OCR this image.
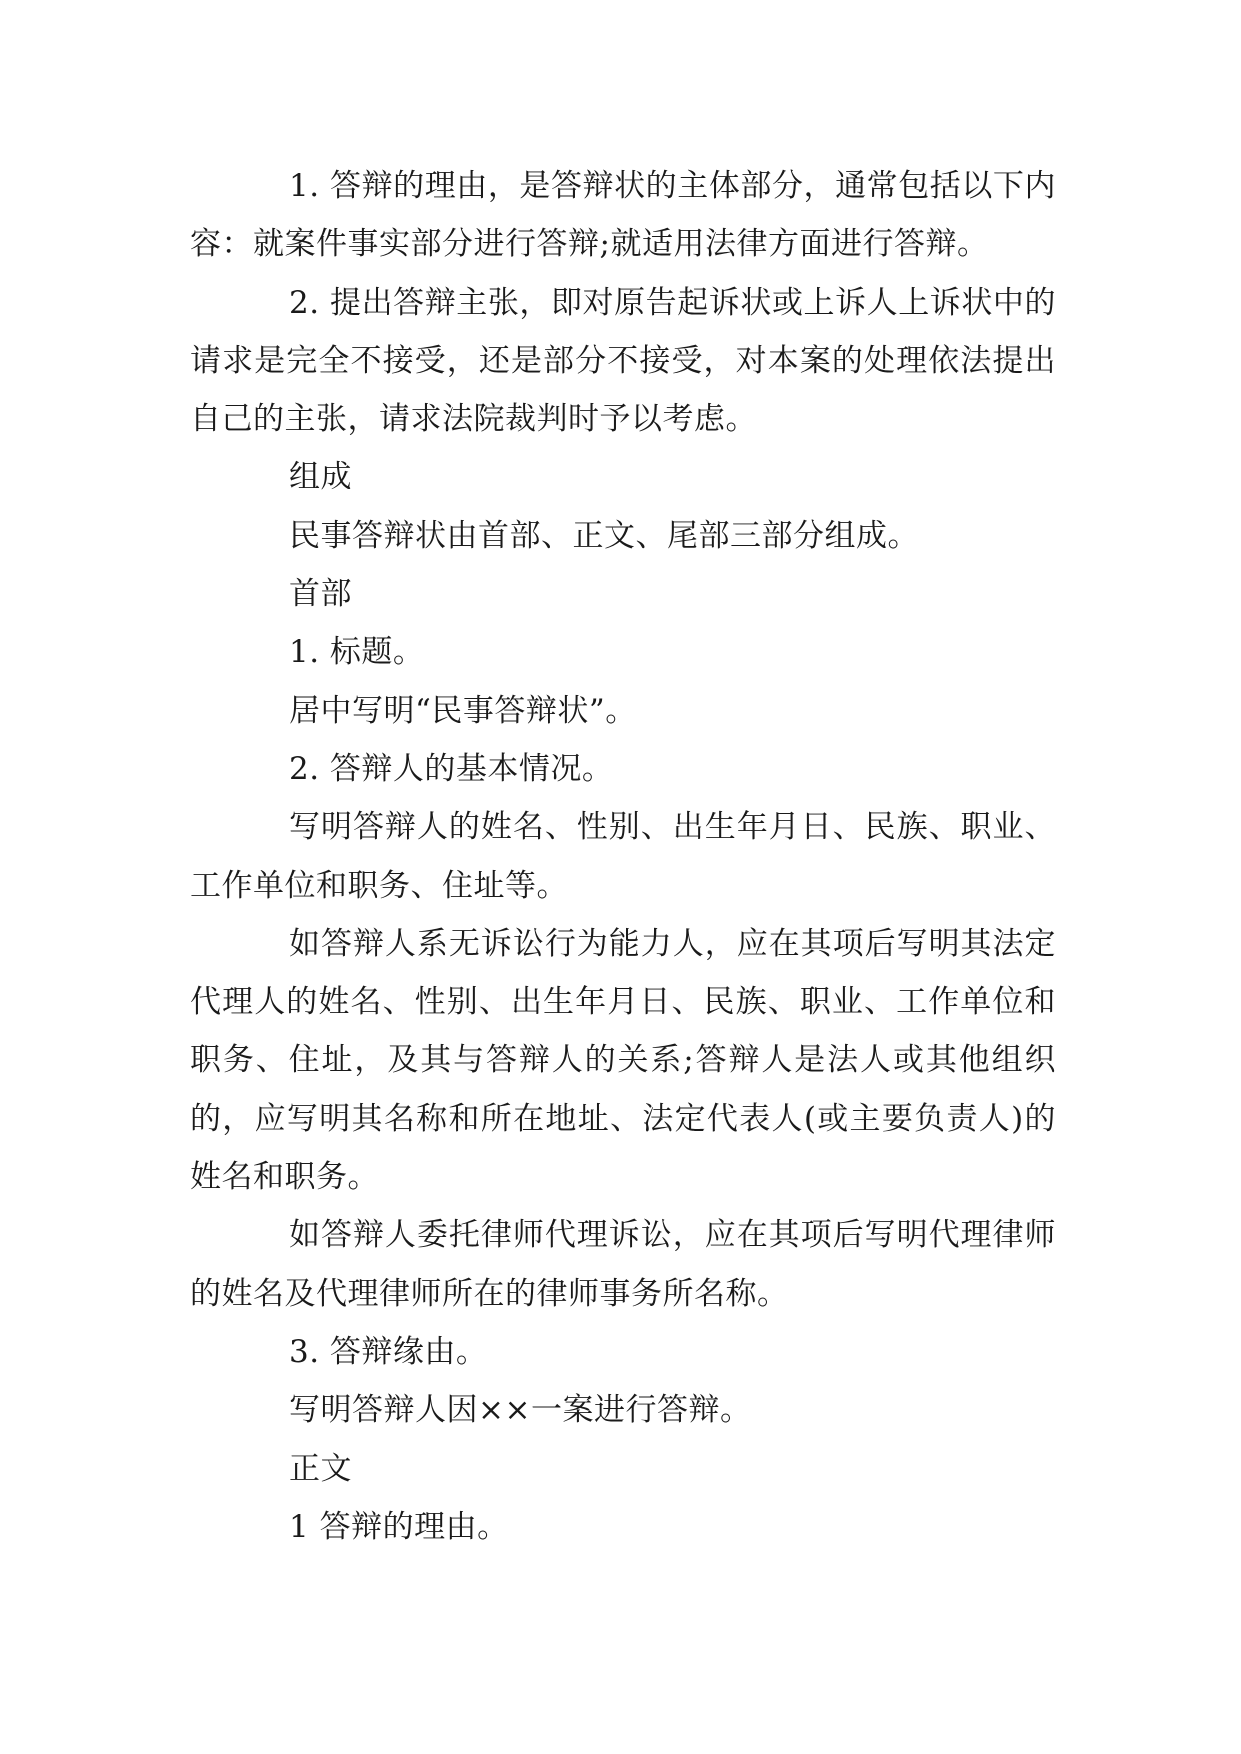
1. 答辩的理由，是答辩状的主体部分，通常包括以下内容：就案件事实部分进行答辩;就适用法律方面进行答辩。

2. 提出答辩主张，即对原告起诉状或上诉人上诉状中的请求是完全不接受，还是部分不接受，对本案的处理依法提出自己的主张，请求法院裁判时予以考虑。

组成

民事答辩状由首部、正文、尾部三部分组成。

首部

1. 标题。

居中写明“民事答辩状”。

2. 答辩人的基本情况。

写明答辩人的姓名、性别、出生年月日、民族、职业、工作单位和职务、住址等。

如答辩人系无诉讼行为能力人，应在其项后写明其法定代理人的姓名、性别、出生年月日、民族、职业、工作单位和职务、住址，及其与答辩人的关系;答辩人是法人或其他组织的，应写明其名称和所在地址、法定代表人(或主要负责人)的姓名和职务。

如答辩人委托律师代理诉讼，应在其项后写明代理律师的姓名及代理律师所在的律师事务所名称。

3. 答辩缘由。

写明答辩人因××一案进行答辩。

正文

1 答辩的理由。
